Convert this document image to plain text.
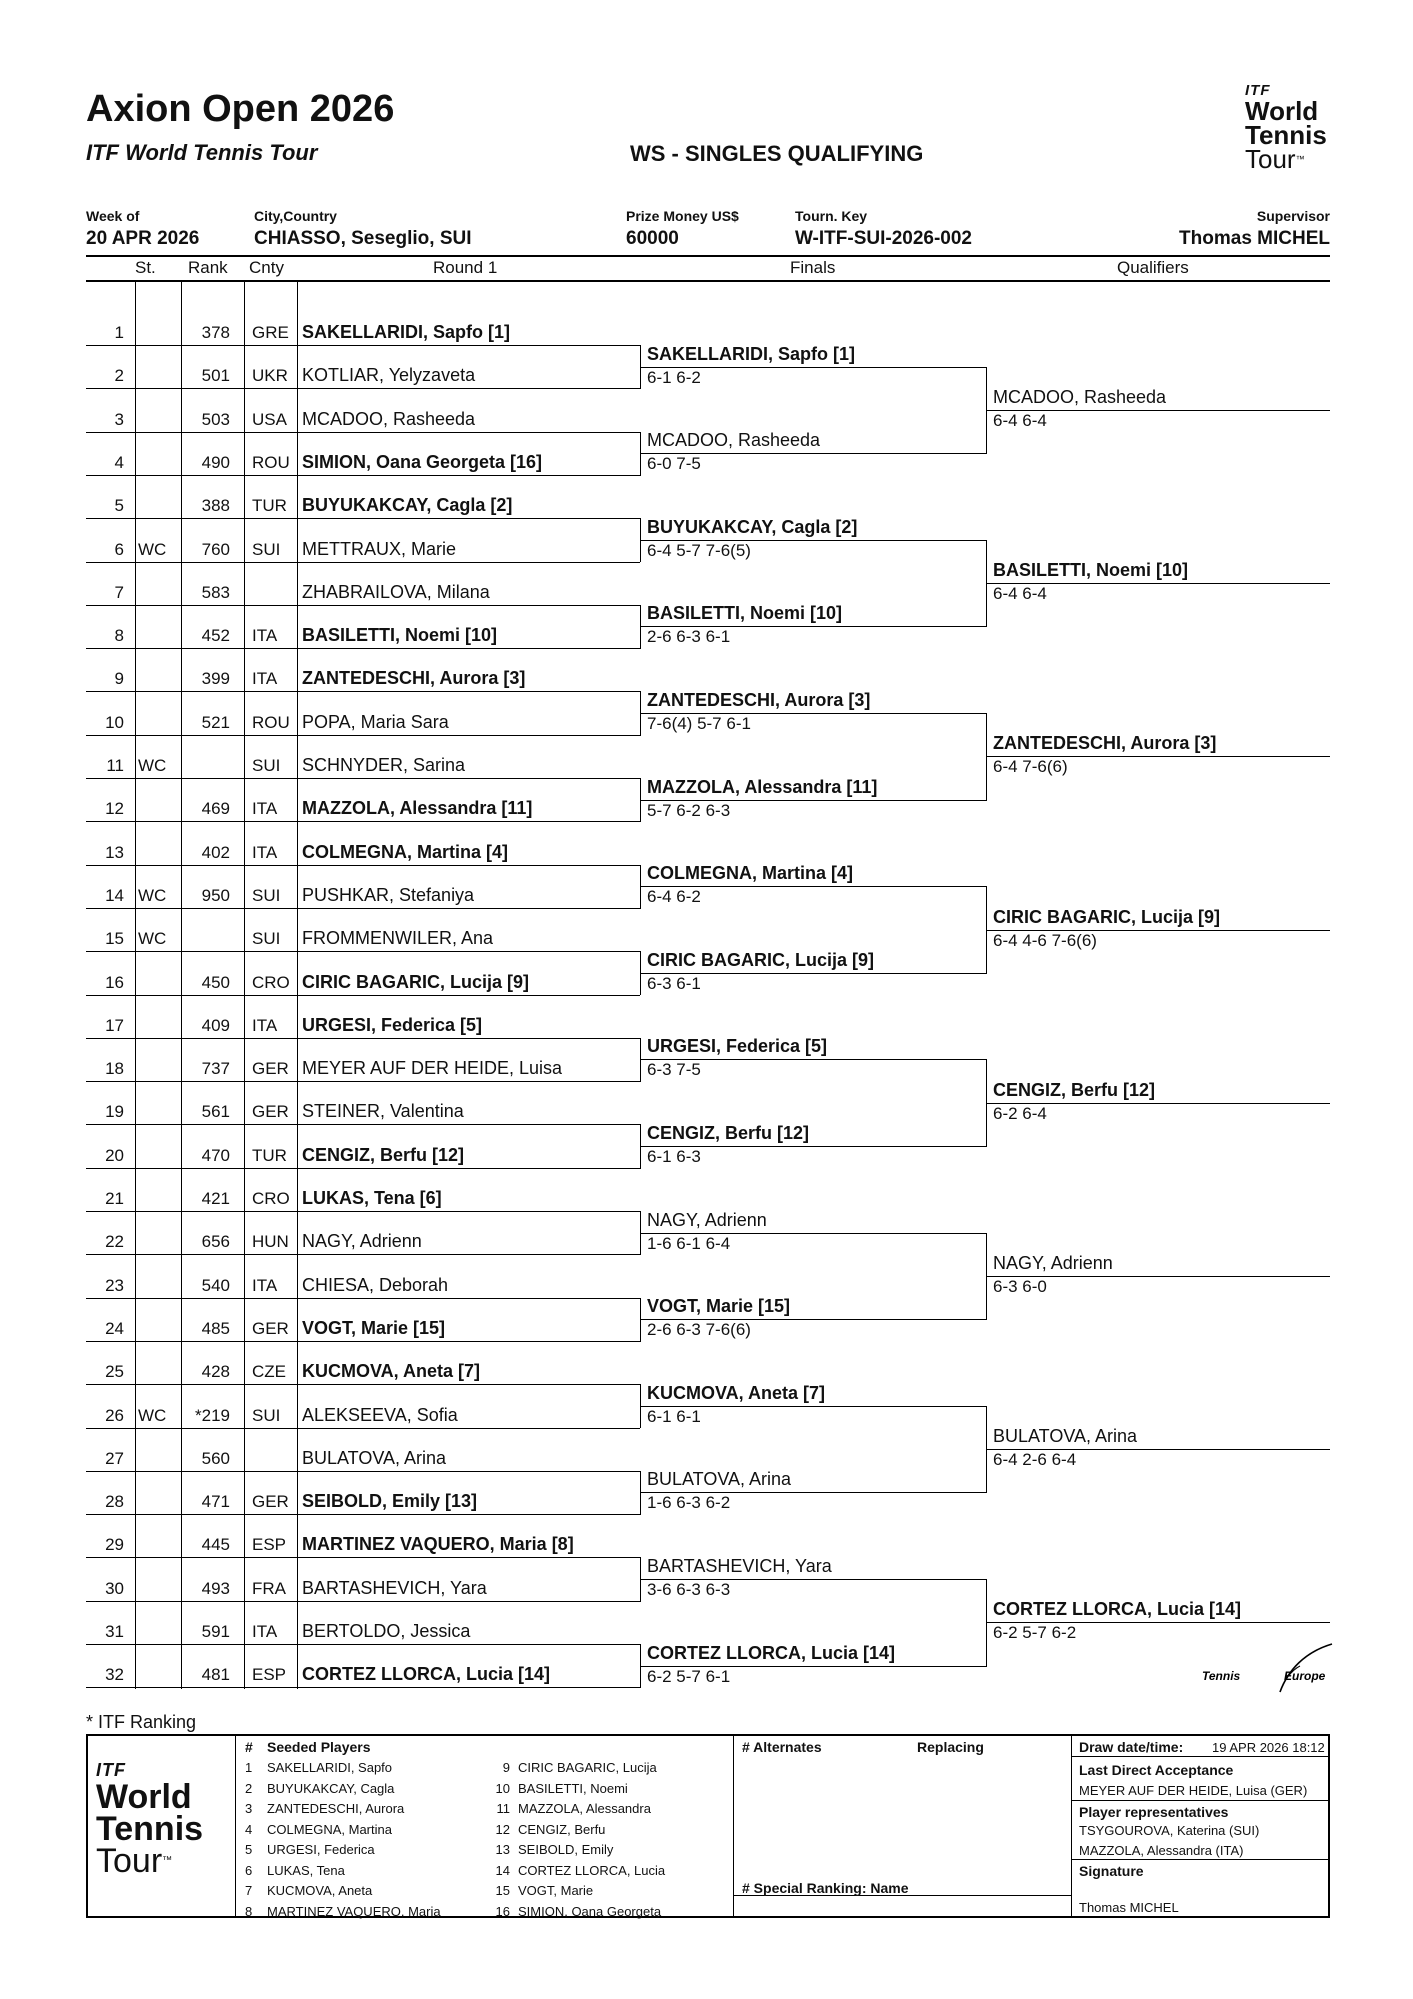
Axion Open 2026
ITF World Tennis Tour	WS - SINGLES QUALIFYING
ITF
World
Tennis
Tour™
Week of	City,Country	Prize Money US$	Tourn. Key	Supervisor
20 APR 2026	CHIASSO, Seseglio, SUI	60000	W-ITF-SUI-2026-002	Thomas MICHEL
St. Rank Cnty	Round 1	Finals	Qualifiers
1	378 GRE SAKELLARIDI, Sapfo [1]
2	501 UKR KOTLIAR, Yelyzaveta
3	503 USA MCADOO, Rasheeda
4	490 ROU SIMION, Oana Georgeta [16]
5	388 TUR BUYUKAKCAY, Cagla [2]
6 WC	760 SUI	METTRAUX, Marie
7	583	ZHABRAILOVA, Milana
8	452 ITA	BASILETTI, Noemi [10]
9	399 ITA	ZANTEDESCHI, Aurora [3]
10	521 ROU POPA, Maria Sara
11 WC	SUI	SCHNYDER, Sarina
12	469 ITA	MAZZOLA, Alessandra [11]
13	402 ITA	COLMEGNA, Martina [4]
14 WC	950 SUI	PUSHKAR, Stefaniya
15 WC	SUI	FROMMENWILER, Ana
16	450 CRO CIRIC BAGARIC, Lucija [9]
17	409 ITA	URGESI, Federica [5]
18	737 GER MEYER AUF DER HEIDE, Luisa
19	561 GER STEINER, Valentina
20	470 TUR CENGIZ, Berfu [12]
21	421 CRO LUKAS, Tena [6]
22	656 HUN NAGY, Adrienn
23	540 ITA	CHIESA, Deborah
24	485 GER VOGT, Marie [15]
25	428 CZE KUCMOVA, Aneta [7]
26 WC	*219 SUI	ALEKSEEVA, Sofia
27	560	BULATOVA, Arina
28	471 GER SEIBOLD, Emily [13]
29	445 ESP MARTINEZ VAQUERO, Maria [8]
30	493 FRA BARTASHEVICH, Yara
31	591 ITA	BERTOLDO, Jessica
32	481 ESP CORTEZ LLORCA, Lucia [14]
SAKELLARIDI, Sapfo [1]
6-1 6-2
MCADOO, Rasheeda
6-0 7-5
BUYUKAKCAY, Cagla [2]
6-4 5-7 7-6(5)
BASILETTI, Noemi [10]
2-6 6-3 6-1
ZANTEDESCHI, Aurora [3]
7-6(4) 5-7 6-1
MAZZOLA, Alessandra [11]
5-7 6-2 6-3
COLMEGNA, Martina [4]
6-4 6-2
CIRIC BAGARIC, Lucija [9]
6-3 6-1
URGESI, Federica [5]
6-3 7-5
CENGIZ, Berfu [12]
6-1 6-3
NAGY, Adrienn
1-6 6-1 6-4
VOGT, Marie [15]
2-6 6-3 7-6(6)
KUCMOVA, Aneta [7]
6-1 6-1
BULATOVA, Arina
1-6 6-3 6-2
BARTASHEVICH, Yara
3-6 6-3 6-3
CORTEZ LLORCA, Lucia [14]
6-2 5-7 6-1
MCADOO, Rasheeda
6-4 6-4
BASILETTI, Noemi [10]
6-4 6-4
ZANTEDESCHI, Aurora [3]
6-4 7-6(6)
CIRIC BAGARIC, Lucija [9]
6-4 4-6 7-6(6)
CENGIZ, Berfu [12]
6-2 6-4
NAGY, Adrienn
6-3 6-0
BULATOVA, Arina
6-4 2-6 6-4
CORTEZ LLORCA, Lucia [14]
6-2 5-7 6-2
* ITF Ranking
Tennis	Europe
ITF
World
Tennis
Tour™
# Seeded Players
1 SAKELLARIDI, Sapfo
2 BUYUKAKCAY, Cagla
3 ZANTEDESCHI, Aurora
4 COLMEGNA, Martina
5 URGESI, Federica
6 LUKAS, Tena
7 KUCMOVA, Aneta
8 MARTINEZ VAQUERO, Maria
9 CIRIC BAGARIC, Lucija
10 BASILETTI, Noemi
11 MAZZOLA, Alessandra
12 CENGIZ, Berfu
13 SEIBOLD, Emily
14 CORTEZ LLORCA, Lucia
15 VOGT, Marie
16 SIMION, Oana Georgeta
# Alternates	Replacing
# Special Ranking: Name
Draw date/time: 19 APR 2026 18:12
Last Direct Acceptance
MEYER AUF DER HEIDE, Luisa (GER)
Player representatives
TSYGOUROVA, Katerina (SUI)
MAZZOLA, Alessandra (ITA)
Signature
Thomas MICHEL
